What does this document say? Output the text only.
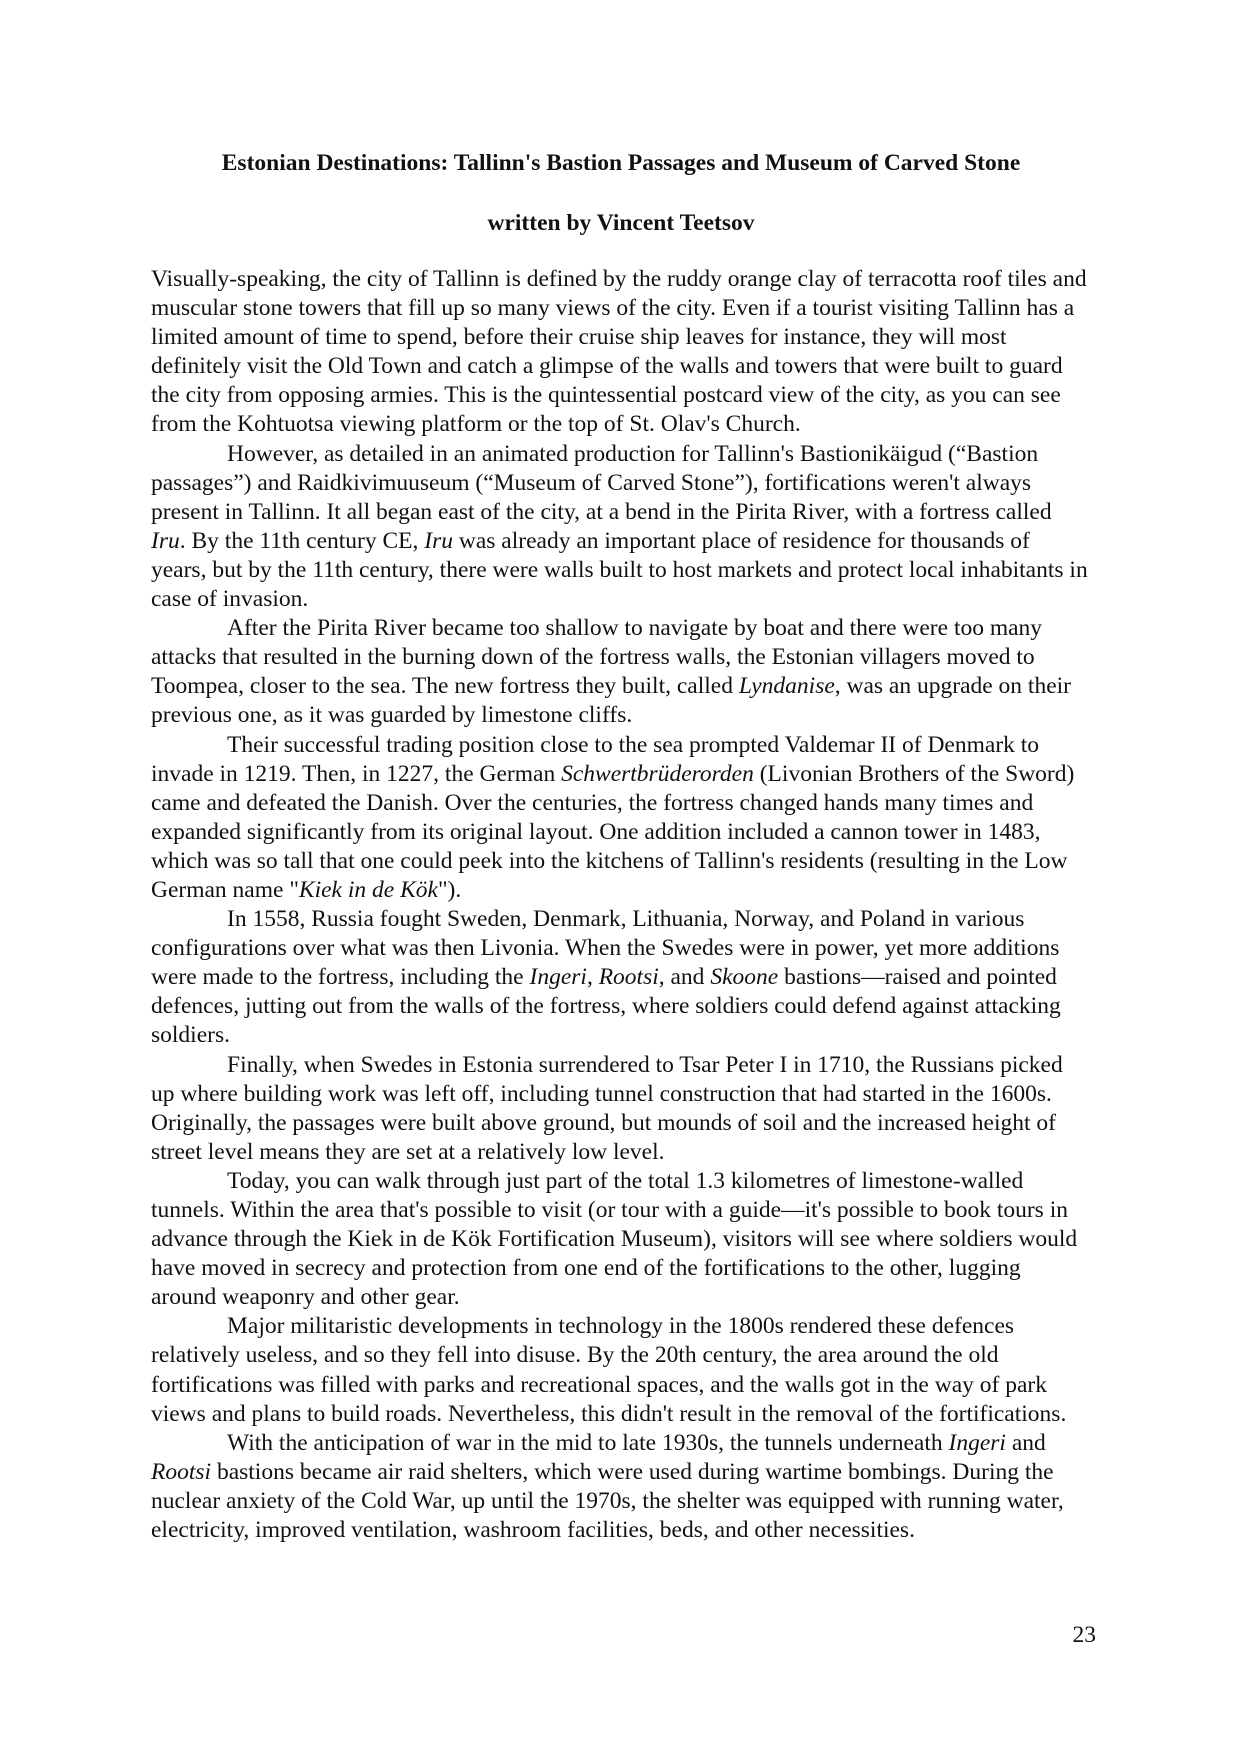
Estonian Destinations: Tallinn's Bastion Passages and Museum of Carved Stone
written by Vincent Teetsov

Visually-speaking, the city of Tallinn is defined by the ruddy orange clay of terracotta roof tiles and muscular stone towers that fill up so many views of the city. Even if a tourist visiting Tallinn has a limited amount of time to spend, before their cruise ship leaves for instance, they will most definitely visit the Old Town and catch a glimpse of the walls and towers that were built to guard the city from opposing armies. This is the quintessential postcard view of the city, as you can see from the Kohtuotsa viewing platform or the top of St. Olav's Church.

However, as detailed in an animated production for Tallinn's Bastionikäigud (“Bastion passages”) and Raidkivimuuseum (“Museum of Carved Stone”), fortifications weren't always present in Tallinn. It all began east of the city, at a bend in the Pirita River, with a fortress called Iru. By the 11th century CE, Iru was already an important place of residence for thousands of years, but by the 11th century, there were walls built to host markets and protect local inhabitants in case of invasion.

After the Pirita River became too shallow to navigate by boat and there were too many attacks that resulted in the burning down of the fortress walls, the Estonian villagers moved to Toompea, closer to the sea. The new fortress they built, called Lyndanise, was an upgrade on their previous one, as it was guarded by limestone cliffs.

Their successful trading position close to the sea prompted Valdemar II of Denmark to invade in 1219. Then, in 1227, the German Schwertbrüderorden (Livonian Brothers of the Sword) came and defeated the Danish. Over the centuries, the fortress changed hands many times and expanded significantly from its original layout. One addition included a cannon tower in 1483, which was so tall that one could peek into the kitchens of Tallinn's residents (resulting in the Low German name "Kiek in de Kök").

In 1558, Russia fought Sweden, Denmark, Lithuania, Norway, and Poland in various configurations over what was then Livonia. When the Swedes were in power, yet more additions were made to the fortress, including the Ingeri, Rootsi, and Skoone bastions—raised and pointed defences, jutting out from the walls of the fortress, where soldiers could defend against attacking soldiers.

Finally, when Swedes in Estonia surrendered to Tsar Peter I in 1710, the Russians picked up where building work was left off, including tunnel construction that had started in the 1600s. Originally, the passages were built above ground, but mounds of soil and the increased height of street level means they are set at a relatively low level.

Today, you can walk through just part of the total 1.3 kilometres of limestone-walled tunnels. Within the area that's possible to visit (or tour with a guide—it's possible to book tours in advance through the Kiek in de Kök Fortification Museum), visitors will see where soldiers would have moved in secrecy and protection from one end of the fortifications to the other, lugging around weaponry and other gear.

Major militaristic developments in technology in the 1800s rendered these defences relatively useless, and so they fell into disuse. By the 20th century, the area around the old fortifications was filled with parks and recreational spaces, and the walls got in the way of park views and plans to build roads. Nevertheless, this didn't result in the removal of the fortifications.

With the anticipation of war in the mid to late 1930s, the tunnels underneath Ingeri and Rootsi bastions became air raid shelters, which were used during wartime bombings. During the nuclear anxiety of the Cold War, up until the 1970s, the shelter was equipped with running water, electricity, improved ventilation, washroom facilities, beds, and other necessities.

23
